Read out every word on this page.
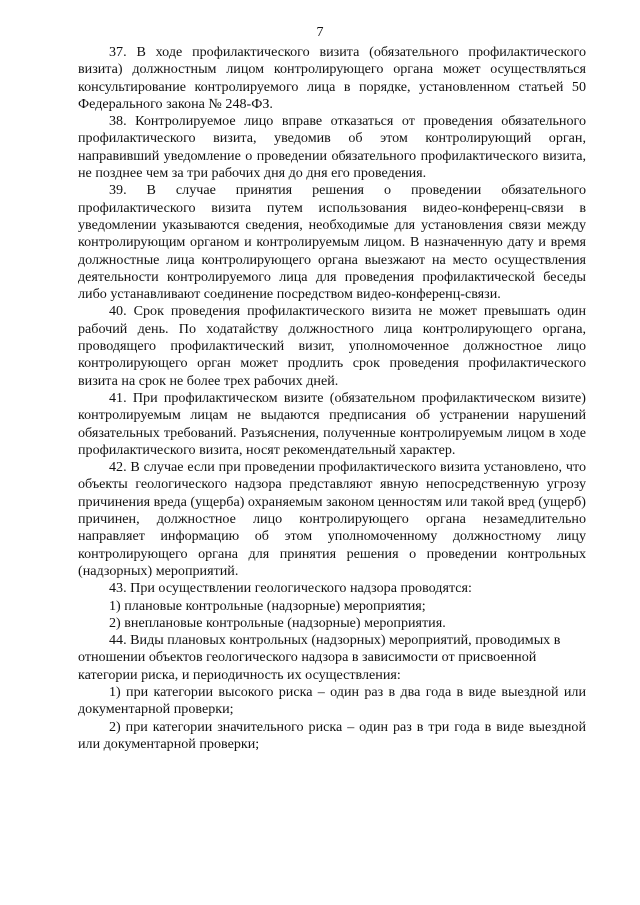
7

37. В ходе профилактического визита (обязательного профилактического визита) должностным лицом контролирующего органа может осуществляться консультирование контролируемого лица в порядке, установленном статьей 50 Федерального закона № 248-ФЗ.

38. Контролируемое лицо вправе отказаться от проведения обязательного профилактического визита, уведомив об этом контролирующий орган, направивший уведомление о проведении обязательного профилактического визита, не позднее чем за три рабочих дня до дня его проведения.

39. В случае принятия решения о проведении обязательного профилактического визита путем использования видео-конференц-связи в уведомлении указываются сведения, необходимые для установления связи между контролирующим органом и контролируемым лицом. В назначенную дату и время должностные лица контролирующего органа выезжают на место осуществления деятельности контролируемого лица для проведения профилактической беседы либо устанавливают соединение посредством видео-конференц-связи.

40. Срок проведения профилактического визита не может превышать один рабочий день. По ходатайству должностного лица контролирующего органа, проводящего профилактический визит, уполномоченное должностное лицо контролирующего орган может продлить срок проведения профилактического визита на срок не более трех рабочих дней.

41. При профилактическом визите (обязательном профилактическом визите) контролируемым лицам не выдаются предписания об устранении нарушений обязательных требований. Разъяснения, полученные контролируемым лицом в ходе профилактического визита, носят рекомендательный характер.

42. В случае если при проведении профилактического визита установлено, что объекты геологического надзора представляют явную непосредственную угрозу причинения вреда (ущерба) охраняемым законом ценностям или такой вред (ущерб) причинен, должностное лицо контролирующего органа незамедлительно направляет информацию об этом уполномоченному должностному лицу контролирующего органа для принятия решения о проведении контрольных (надзорных) мероприятий.

43. При осуществлении геологического надзора проводятся:

1) плановые контрольные (надзорные) мероприятия;

2) внеплановые контрольные (надзорные) мероприятия.

44. Виды плановых контрольных (надзорных) мероприятий, проводимых в отношении объектов геологического надзора в зависимости от присвоенной категории риска, и периодичность их осуществления:

1) при категории высокого риска – один раз в два года в виде выездной или документарной проверки;

2) при категории значительного риска – один раз в три года в виде выездной или документарной проверки;
